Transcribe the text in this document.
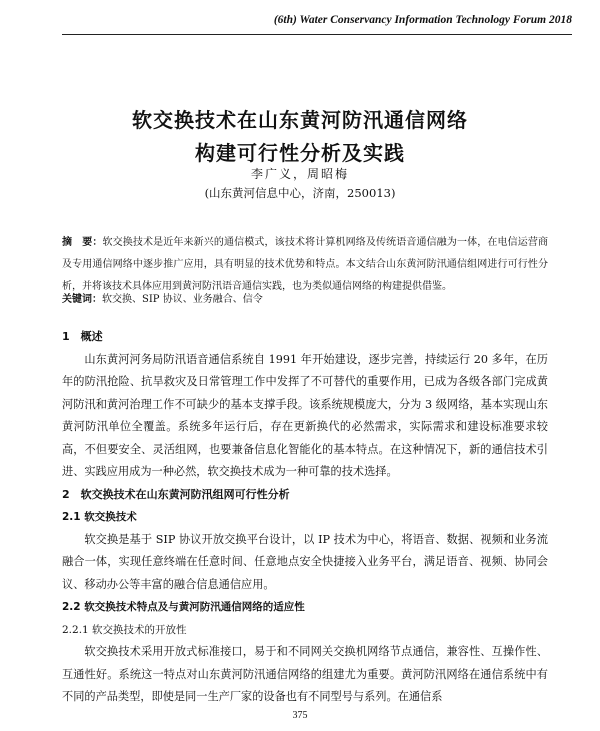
(6th) Water Conservancy Information Technology Forum 2018
软交换技术在山东黄河防汛通信网络
构建可行性分析及实践
李广义，周昭梅
(山东黄河信息中心，济南，250013)
摘　要：软交换技术是近年来新兴的通信模式，该技术将计算机网络及传统语音通信融为一体，在电信运营商及专用通信网络中逐步推广应用，具有明显的技术优势和特点。本文结合山东黄河防汛通信组网进行可行性分析，并将该技术具体应用到黄河防汛语音通信实践，也为类似通信网络的构建提供借鉴。
关键词：软交换、SIP 协议、业务融合、信令
1　概述
山东黄河河务局防汛语音通信系统自 1991 年开始建设，逐步完善，持续运行 20 多年，在历年的防汛抢险、抗旱救灾及日常管理工作中发挥了不可替代的重要作用，已成为各级各部门完成黄河防汛和黄河治理工作不可缺少的基本支撑手段。该系统规模庞大，分为 3 级网络，基本实现山东黄河防汛单位全覆盖。系统多年运行后，存在更新换代的必然需求，实际需求和建设标准要求较高，不但要安全、灵活组网，也要兼备信息化智能化的基本特点。在这种情况下，新的通信技术引进、实践应用成为一种必然，软交换技术成为一种可靠的技术选择。
2　软交换技术在山东黄河防汛组网可行性分析
2.1 软交换技术
软交换是基于 SIP 协议开放交换平台设计，以 IP 技术为中心，将语音、数据、视频和业务流融合一体，实现任意终端在任意时间、任意地点安全快捷接入业务平台，满足语音、视频、协同会议、移动办公等丰富的融合信息通信应用。
2.2 软交换技术特点及与黄河防汛通信网络的适应性
2.2.1 软交换技术的开放性
软交换技术采用开放式标准接口，易于和不同网关交换机网络节点通信，兼容性、互操作性、互通性好。系统这一特点对山东黄河防汛通信网络的组建尤为重要。黄河防汛网络在通信系统中有不同的产品类型，即使是同一生产厂家的设备也有不同型号与系列。在通信系
375
